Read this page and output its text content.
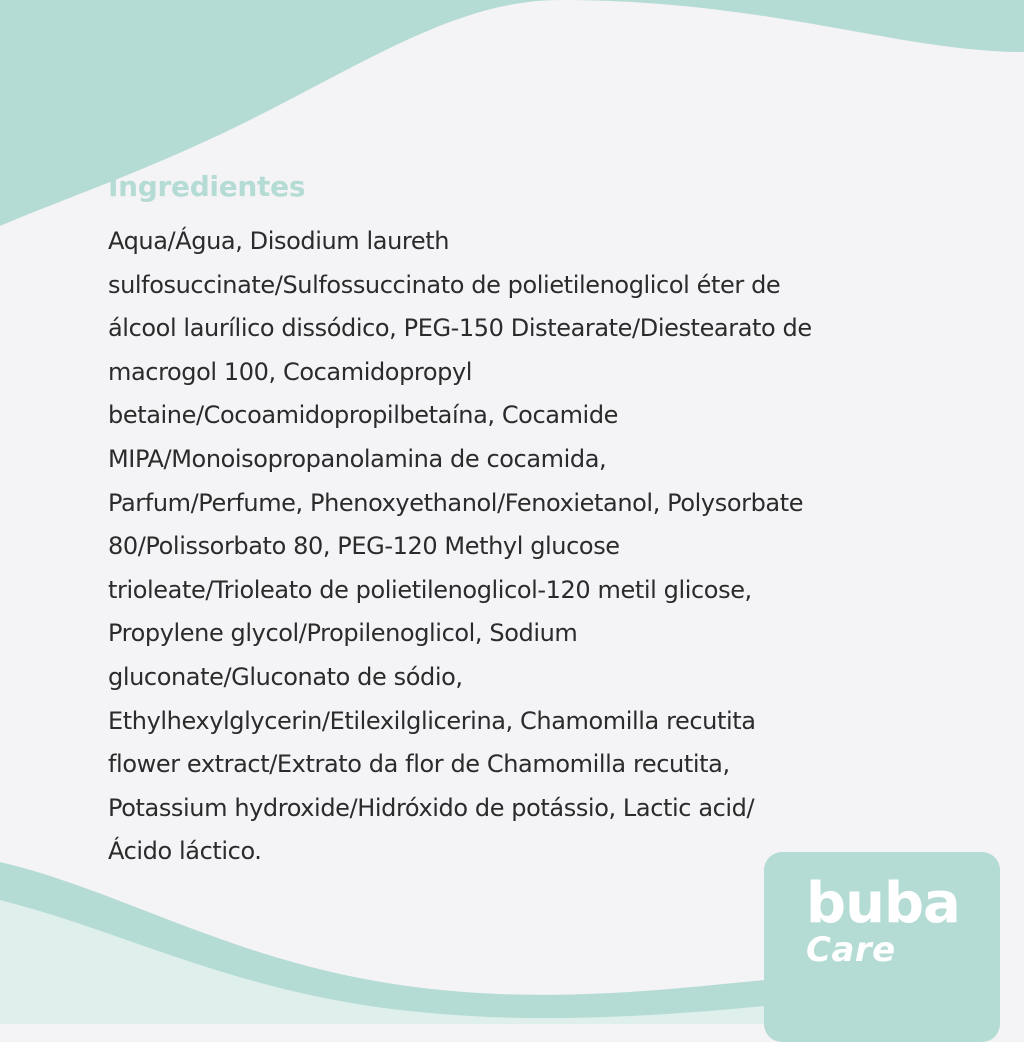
buba
Care
Ingredientes

Aqua/Água, Disodium laureth
sulfosuccinate/Sulfossuccinato de polietilenoglicol éter de
álcool laurílico dissódico, PEG-150 Distearate/Diestearato de
macrogol 100, Cocamidopropyl
betaine/Cocoamidopropilbetaína, Cocamide
MIPA/Monoisopropanolamina de cocamida,
Parfum/Perfume, Phenoxyethanol/Fenoxietanol, Polysorbate
80/Polissorbato 80, PEG-120 Methyl glucose
trioleate/Trioleato de polietilenoglicol-120 metil glicose,
Propylene glycol/Propilenoglicol, Sodium
gluconate/Gluconato de sódio,
Ethylhexylglycerin/Etilexilglicerina, Chamomilla recutita
flower extract/Extrato da flor de Chamomilla recutita,
Potassium hydroxide/Hidróxido de potássio, Lactic acid/
Ácido láctico.
